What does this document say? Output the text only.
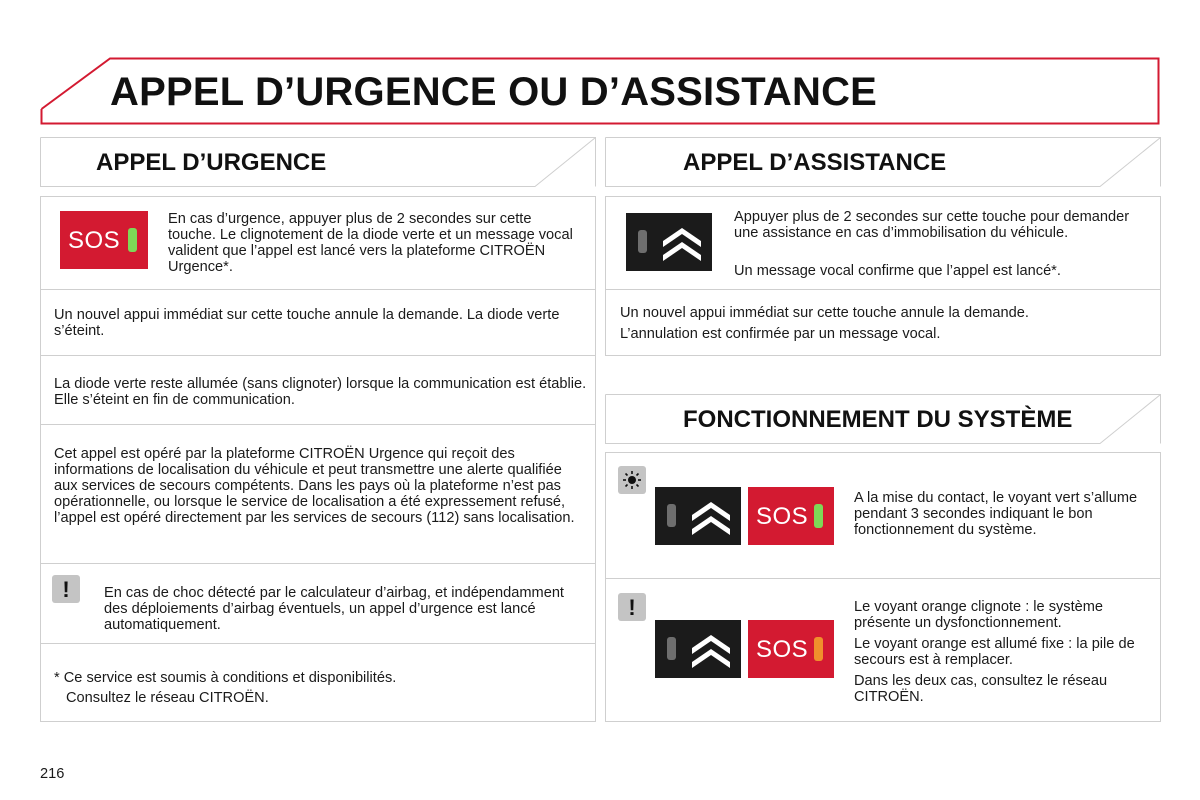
APPEL D’URGENCE OU D’ASSISTANCE
APPEL D’URGENCE
SOS
En cas d’urgence, appuyer plus de 2 secondes sur cette touche. Le clignotement de la diode verte et un message vocal valident que l’appel est lancé vers la plateforme CITROËN Urgence*.
Un nouvel appui immédiat sur cette touche annule la demande. La diode verte s’éteint.
La diode verte reste allumée (sans clignoter) lorsque la communication est établie. Elle s’éteint en fin de communication.
Cet appel est opéré par la plateforme CITROËN Urgence qui reçoit des informations de localisation du véhicule et peut transmettre une alerte qualifiée aux services de secours compétents. Dans les pays où la plateforme n’est pas opérationnelle, ou lorsque le service de localisation a été expressement refusé, l’appel est opéré directement par les services de secours (112) sans localisation.
!	En cas de choc détecté par le calculateur d’airbag, et indépendamment des déploiements d’airbag éventuels, un appel d’urgence est lancé automatiquement.
* Ce service est soumis à conditions et disponibilités.
Consultez le réseau CITROËN.
APPEL D’ASSISTANCE
Appuyer plus de 2 secondes sur cette touche pour demander une assistance en cas d’immobilisation du véhicule.
Un message vocal confirme que l’appel est lancé*.
Un nouvel appui immédiat sur cette touche annule la demande.
L’annulation est confirmée par un message vocal.
FONCTIONNEMENT DU SYSTÈME
SOS
A la mise du contact, le voyant vert s’allume pendant 3 secondes indiquant le bon fonctionnement du système.
!
SOS
Le voyant orange clignote : le système présente un dysfonctionnement.
Le voyant orange est allumé fixe : la pile de secours est à remplacer.
Dans les deux cas, consultez le réseau CITROËN.
216
